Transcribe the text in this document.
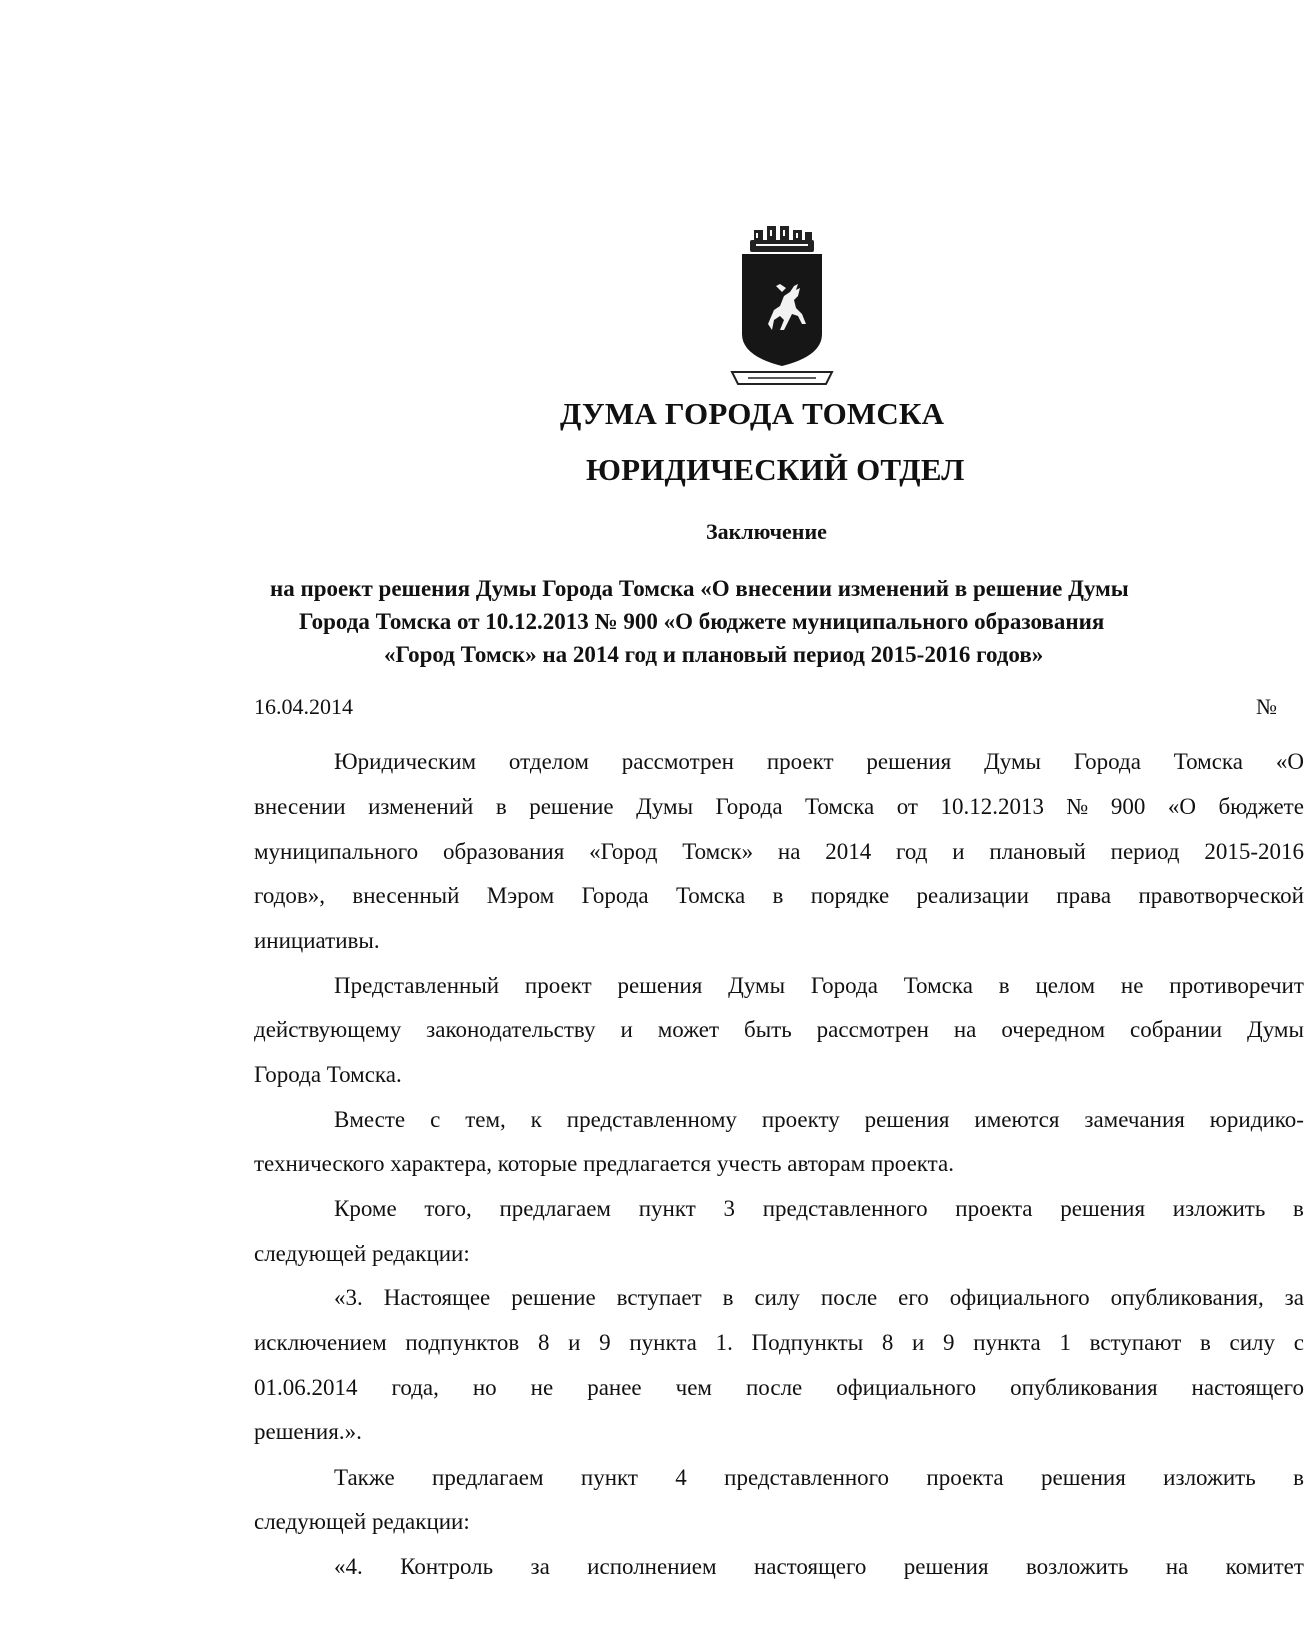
ДУМА ГОРОДА ТОМСКА
ЮРИДИЧЕСКИЙ ОТДЕЛ
Заключение
на проект решения Думы Города Томска «О внесении изменений в решение Думы
Города Томска от 10.12.2013 № 900 «О бюджете муниципального образования
«Город Томск» на 2014 год и плановый период 2015-2016 годов»
16.04.2014	№
Юридическим отделом рассмотрен проект решения Думы Города Томска «О
внесении изменений в решение Думы Города Томска от 10.12.2013 № 900 «О бюджете
муниципального образования «Город Томск» на 2014 год и плановый период 2015-2016
годов», внесенный Мэром Города Томска в порядке реализации права правотворческой
инициативы.
Представленный проект решения Думы Города Томска в целом не противоречит
действующему законодательству и может быть рассмотрен на очередном собрании Думы
Города Томска.
Вместе с тем, к представленному проекту решения имеются замечания юридико-
технического характера, которые предлагается учесть авторам проекта.
Кроме того, предлагаем пункт 3 представленного проекта решения изложить в
следующей редакции:
«3. Настоящее решение вступает в силу после его официального опубликования, за
исключением подпунктов 8 и 9 пункта 1. Подпункты 8 и 9 пункта 1 вступают в силу с
01.06.2014 года, но не ранее чем после официального опубликования настоящего
решения.».
Также предлагаем пункт 4 представленного проекта решения изложить в
следующей редакции:
«4. Контроль за исполнением настоящего решения возложить на комитет
